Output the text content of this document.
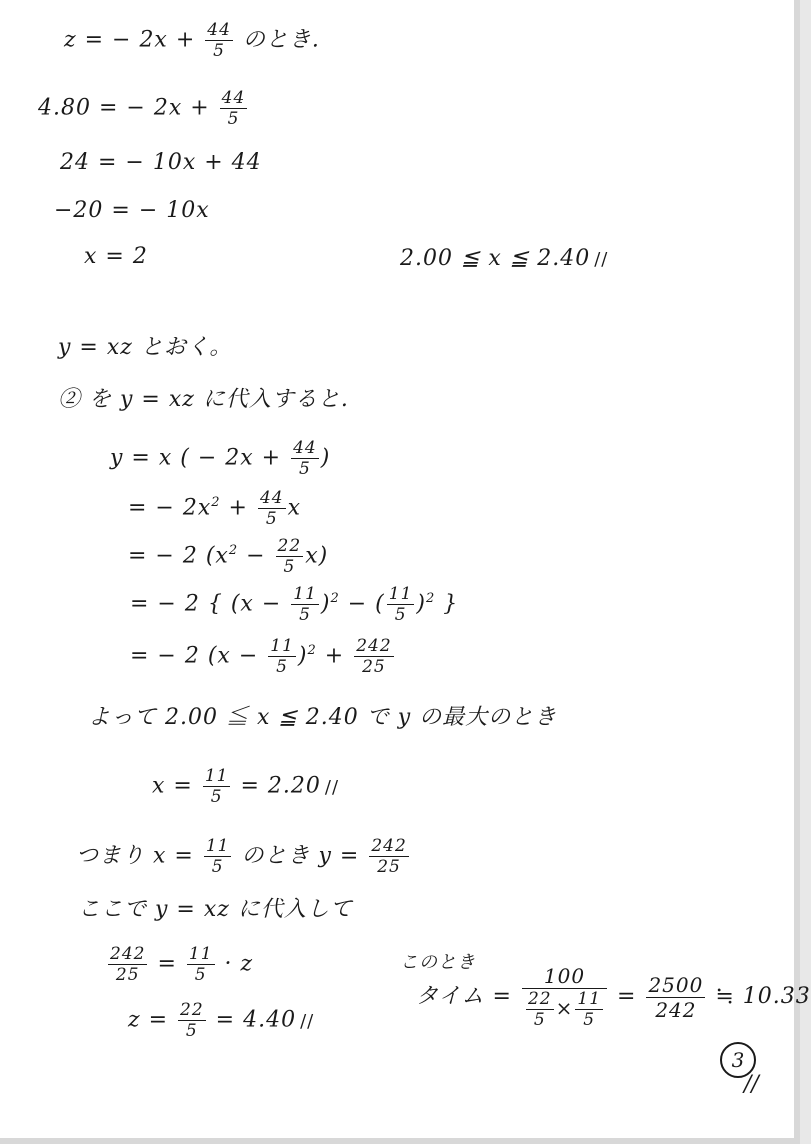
z = − $2x + \frac{44}{5}$ のとき.
4.80 = − $2x + \frac{44}{5}$
24 = − 10x + 44
−20 = − 10x
x = 2	2.00 ≦ x ≦ 2.40 //
y = xz とおく。
② を y = xz に代入すると.
y = x ( − $2x + \frac{44}{5}$ )
= − $2x^2 + \frac{44}{5}$ x
= − 2 $(x^2 - \frac{22}{5} x)$
= − 2 { $(x - \frac{11}{5} )^2$ − ( $\frac{11}{5} )^2$ }
= − 2 $(x - \frac{11}{5} )^2 + \frac{242}{25}$
よって 2.00 ≦ x ≦ 2.40 で y の最大のとき
$x = \frac{11}{5} = 2.20$ //
つまり $x = \frac{11}{5}$ のとき $y = \frac{242}{25}$
ここで y = xz に代入して
$\frac{242}{25} = \frac{11}{5} \cdot z$
$z = \frac{22}{5} = 4.40$ //
このとき
タイム = $\frac{100}{\frac{22}{5} \times \frac{11}{5}} = \frac{2500}{242}$ ≒ 10.33
3
//
